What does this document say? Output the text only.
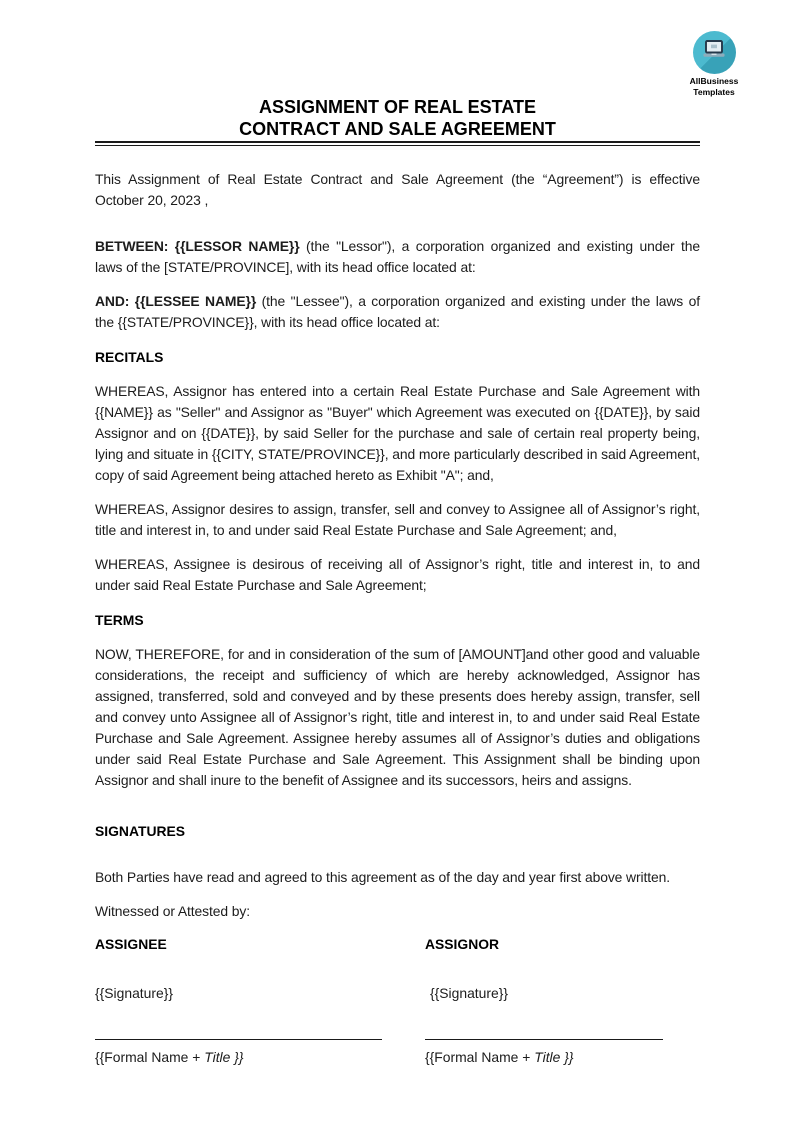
AllBusiness
Templates
ASSIGNMENT OF REAL ESTATE
CONTRACT AND SALE AGREEMENT

This Assignment of Real Estate Contract and Sale Agreement (the “Agreement”) is effective October 20, 2023 ,

BETWEEN: {{LESSOR NAME}} (the "Lessor"), a corporation organized and existing under the laws of the [STATE/PROVINCE], with its head office located at:

AND: {{LESSEE NAME}} (the "Lessee"), a corporation organized and existing under the laws of the {{STATE/PROVINCE}}, with its head office located at:

RECITALS

WHEREAS, Assignor has entered into a certain Real Estate Purchase and Sale Agreement with {{NAME}} as "Seller" and Assignor as "Buyer" which Agreement was executed on {{DATE}}, by said Assignor and on {{DATE}}, by said Seller for the purchase and sale of certain real property being, lying and situate in {{CITY, STATE/PROVINCE}}, and more particularly described in said Agreement, copy of said Agreement being attached hereto as Exhibit "A"; and,

WHEREAS, Assignor desires to assign, transfer, sell and convey to Assignee all of Assignor’s right, title and interest in, to and under said Real Estate Purchase and Sale Agreement; and,

WHEREAS, Assignee is desirous of receiving all of Assignor’s right, title and interest in, to and under said Real Estate Purchase and Sale Agreement;

TERMS

NOW, THEREFORE, for and in consideration of the sum of [AMOUNT]and other good and valuable considerations, the receipt and sufficiency of which are hereby acknowledged, Assignor has assigned, transferred, sold and conveyed and by these presents does hereby assign, transfer, sell and convey unto Assignee all of Assignor’s right, title and interest in, to and under said Real Estate Purchase and Sale Agreement. Assignee hereby assumes all of Assignor’s duties and obligations under said Real Estate Purchase and Sale Agreement. This Assignment shall be binding upon Assignor and shall inure to the benefit of Assignee and its successors, heirs and assigns.

SIGNATURES

Both Parties have read and agreed to this agreement as of the day and year first above written.

Witnessed or Attested by:

ASSIGNEE
{{Signature}}
{{Formal Name + Title }}
ASSIGNOR
{{Signature}}
{{Formal Name + Title }}
